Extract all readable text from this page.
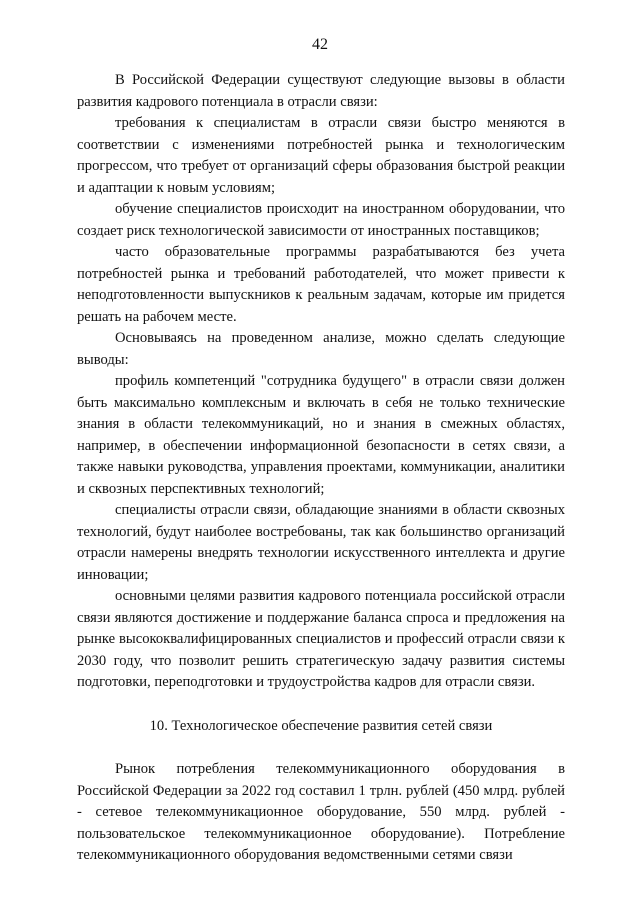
42

В Российской Федерации существуют следующие вызовы в области развития кадрового потенциала в отрасли связи:

требования к специалистам в отрасли связи быстро меняются в соответствии с изменениями потребностей рынка и технологическим прогрессом, что требует от организаций сферы образования быстрой реакции и адаптации к новым условиям;

обучение специалистов происходит на иностранном оборудовании, что создает риск технологической зависимости от иностранных поставщиков;

часто образовательные программы разрабатываются без учета потребностей рынка и требований работодателей, что может привести к неподготовленности выпускников к реальным задачам, которые им придется решать на рабочем месте.

Основываясь на проведенном анализе, можно сделать следующие выводы:

профиль компетенций "сотрудника будущего" в отрасли связи должен быть максимально комплексным и включать в себя не только технические знания в области телекоммуникаций, но и знания в смежных областях, например, в обеспечении информационной безопасности в сетях связи, а также навыки руководства, управления проектами, коммуникации, аналитики и сквозных перспективных технологий;

специалисты отрасли связи, обладающие знаниями в области сквозных технологий, будут наиболее востребованы, так как большинство организаций отрасли намерены внедрять технологии искусственного интеллекта и другие инновации;

основными целями развития кадрового потенциала российской отрасли связи являются достижение и поддержание баланса спроса и предложения на рынке высококвалифицированных специалистов и профессий отрасли связи к 2030 году, что позволит решить стратегическую задачу развития системы подготовки, переподготовки и трудоустройства кадров для отрасли связи.

10. Технологическое обеспечение развития сетей связи

Рынок потребления телекоммуникационного оборудования в Российской Федерации за 2022 год составил 1 трлн. рублей (450 млрд. рублей - сетевое телекоммуникационное оборудование, 550 млрд. рублей - пользовательское телекоммуникационное оборудование). Потребление телекоммуникационного оборудования ведомственными сетями связи
